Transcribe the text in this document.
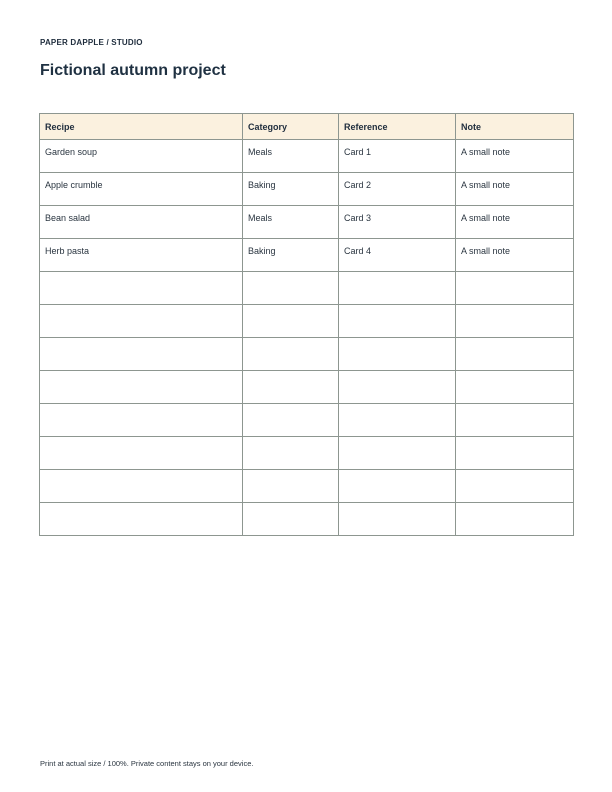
PAPER DAPPLE / STUDIO
Fictional autumn project
Recipe	Category	Reference	Note
Garden soup	Meals	Card 1	A small note
Apple crumble	Baking	Card 2	A small note
Bean salad	Meals	Card 3	A small note
Herb pasta	Baking	Card 4	A small note

Print at actual size / 100%. Private content stays on your device.
